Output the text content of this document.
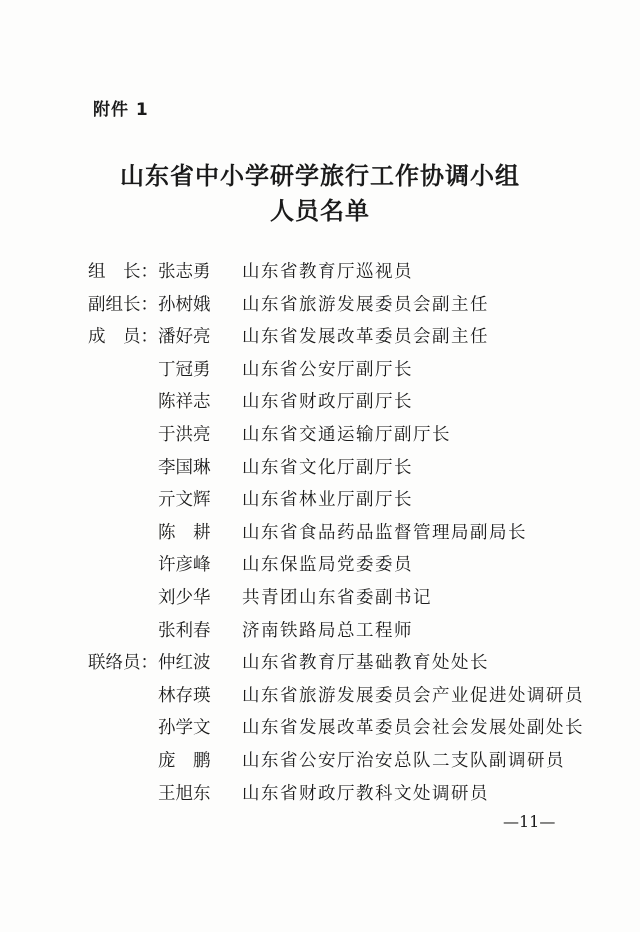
附件 1
山东省中小学研学旅行工作协调小组
人员名单
组　长： 张志勇	山东省教育厅巡视员
副组长： 孙树娥	山东省旅游发展委员会副主任
成　员： 潘好亮	山东省发展改革委员会副主任
丁冠勇	山东省公安厅副厅长
陈祥志	山东省财政厅副厅长
于洪亮	山东省交通运输厅副厅长
李国琳	山东省文化厅副厅长
亓文辉	山东省林业厅副厅长
陈　耕	山东省食品药品监督管理局副局长
许彦峰	山东保监局党委委员
刘少华	共青团山东省委副书记
张利春	济南铁路局总工程师
联络员： 仲红波	山东省教育厅基础教育处处长
林存瑛	山东省旅游发展委员会产业促进处调研员
孙学文	山东省发展改革委员会社会发展处副处长
庞　鹏	山东省公安厅治安总队二支队副调研员
王旭东	山东省财政厅教科文处调研员
—11—
